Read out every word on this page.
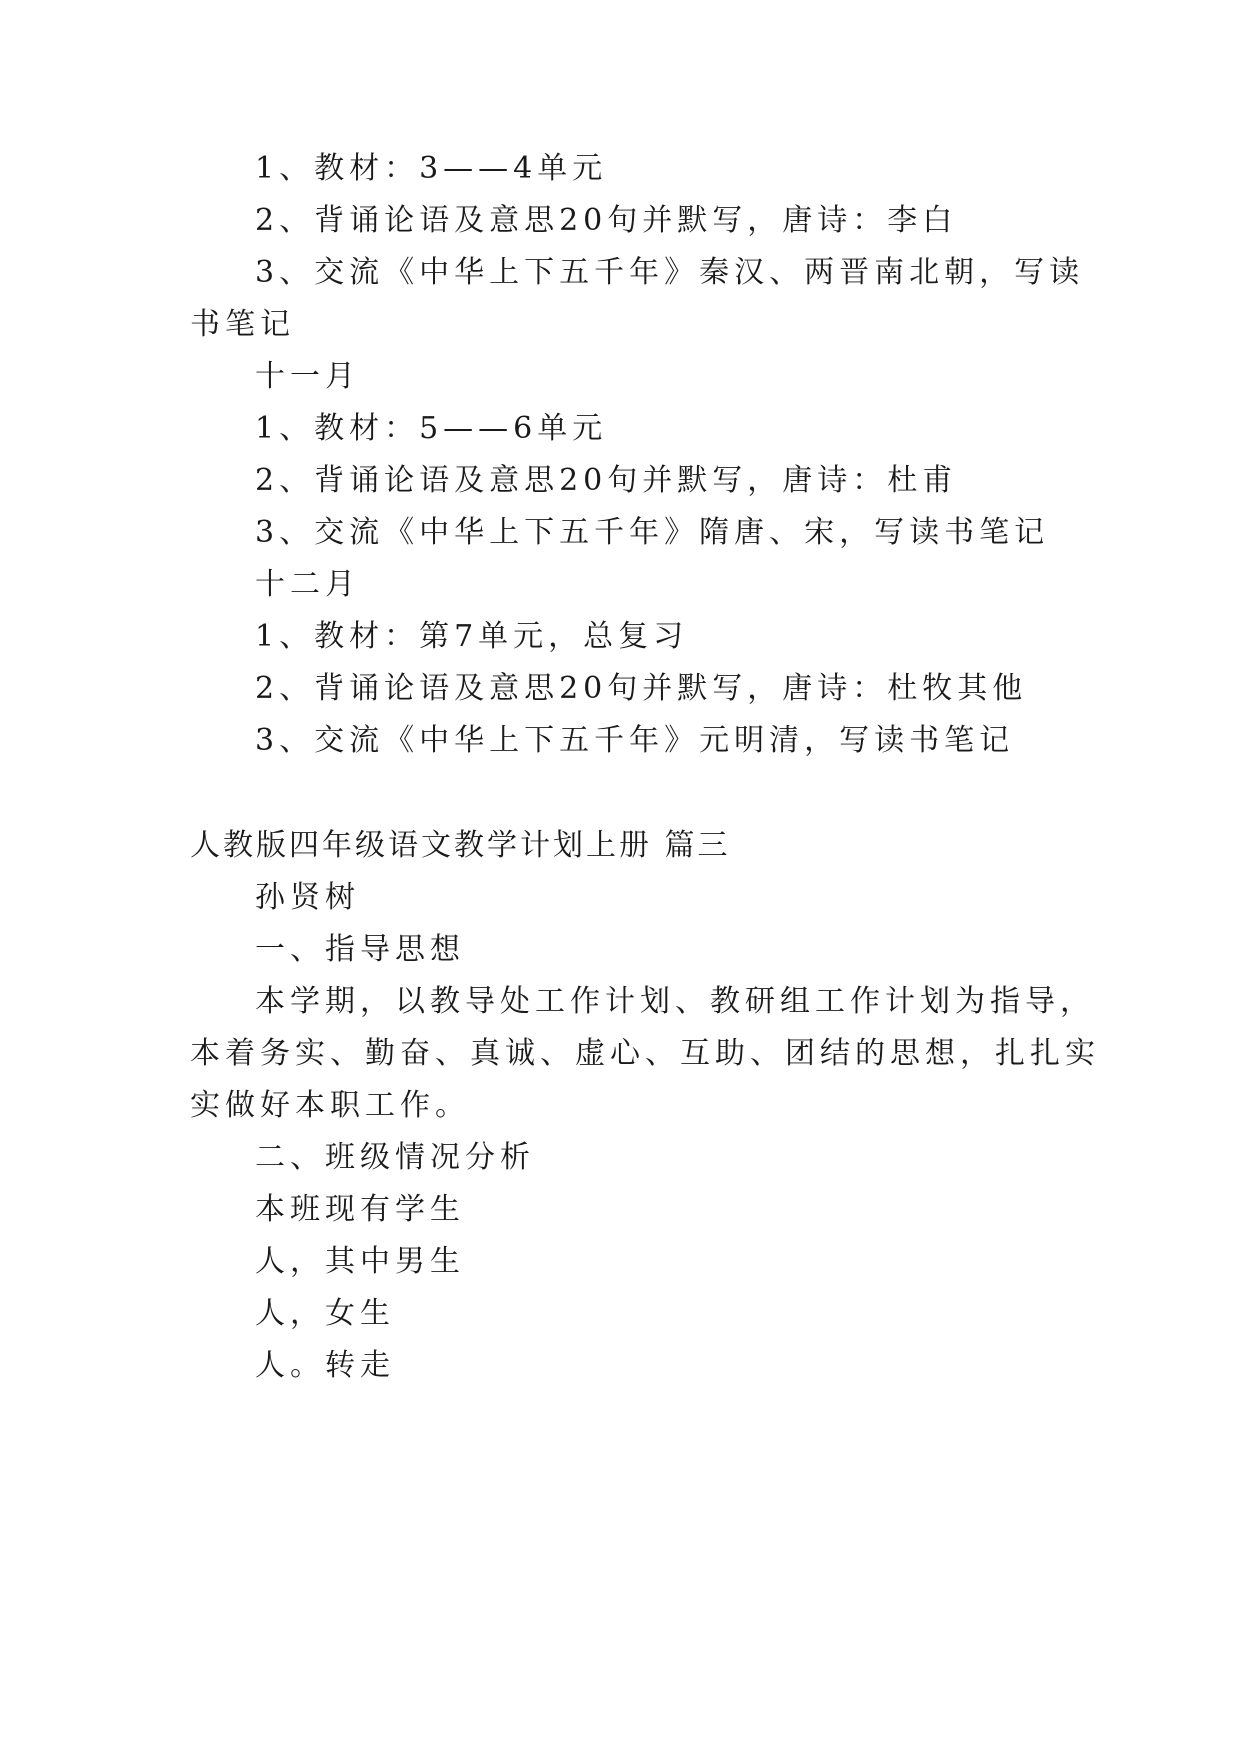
1、教材：3——4单元
2、背诵论语及意思20句并默写，唐诗：李白
3、交流《中华上下五千年》秦汉、两晋南北朝，写读
书笔记
十一月
1、教材：5——6单元
2、背诵论语及意思20句并默写，唐诗：杜甫
3、交流《中华上下五千年》隋唐、宋，写读书笔记
十二月
1、教材：第7单元，总复习
2、背诵论语及意思20句并默写，唐诗：杜牧其他
3、交流《中华上下五千年》元明清，写读书笔记
人教版四年级语文教学计划上册 篇三
孙贤树
一、指导思想
本学期，以教导处工作计划、教研组工作计划为指导，
本着务实、勤奋、真诚、虚心、互助、团结的思想，扎扎实
实做好本职工作。
二、班级情况分析
本班现有学生
人，其中男生
人，女生
人。转走
